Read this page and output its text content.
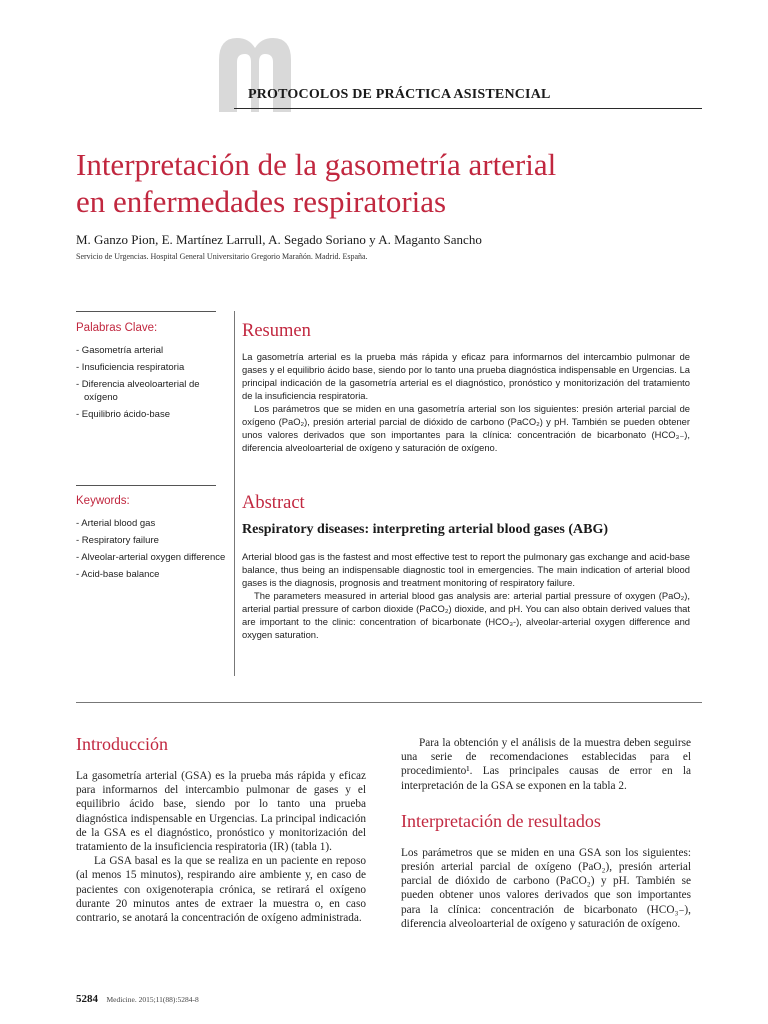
PROTOCOLOS DE PRÁCTICA ASISTENCIAL
Interpretación de la gasometría arterial
en enfermedades respiratorias
M. Ganzo Pion, E. Martínez Larrull, A. Segado Soriano y A. Maganto Sancho
Servicio de Urgencias. Hospital General Universitario Gregorio Marañón. Madrid. España.
Palabras Clave:
- Gasometría arterial
- Insuficiencia respiratoria
- Diferencia alveoloarterial de oxígeno
- Equilibrio ácido-base
Keywords:
- Arterial blood gas
- Respiratory failure
- Alveolar-arterial oxygen difference
- Acid-base balance
Resumen

La gasometría arterial es la prueba más rápida y eficaz para informarnos del intercambio pulmonar de gases y el equilibrio ácido base, siendo por lo tanto una prueba diagnóstica indispensable en Urgencias. La principal indicación de la gasometría arterial es el diagnóstico, pronóstico y monitorización del tratamiento de la insuficiencia respiratoria.

Los parámetros que se miden en una gasometría arterial son los siguientes: presión arterial parcial de oxígeno (PaO₂), presión arterial parcial de dióxido de carbono (PaCO₂) y pH. También se pueden obtener unos valores derivados que son importantes para la clínica: concentración de bicarbonato (HCO₃₋), diferencia alveoloarterial de oxígeno y saturación de oxígeno.

Abstract
Respiratory diseases: interpreting arterial blood gases (ABG)

Arterial blood gas is the fastest and most effective test to report the pulmonary gas exchange and acid-base balance, thus being an indispensable diagnostic tool in emergencies. The main indication of arterial blood gases is the diagnosis, prognosis and treatment monitoring of respiratory failure.

The parameters measured in arterial blood gas analysis are: arterial partial pressure of oxygen (PaO₂), arterial partial pressure of carbon dioxide (PaCO₂) dioxide, and pH. You can also obtain derived values that are important to the clinic: concentration of bicarbonate (HCO₃-), alveolar-arterial oxygen difference and oxygen saturation.

Introducción

La gasometría arterial (GSA) es la prueba más rápida y eficaz para informarnos del intercambio pulmonar de gases y el equilibrio ácido base, siendo por lo tanto una prueba diagnóstica indispensable en Urgencias. La principal indicación de la GSA es el diagnóstico, pronóstico y monitorización del tratamiento de la insuficiencia respiratoria (IR) (tabla 1).

La GSA basal es la que se realiza en un paciente en reposo (al menos 15 minutos), respirando aire ambiente y, en caso de pacientes con oxigenoterapia crónica, se retirará el oxígeno durante 20 minutos antes de extraer la muestra o, en caso contrario, se anotará la concentración de oxígeno administrada.

Para la obtención y el análisis de la muestra deben seguirse una serie de recomendaciones establecidas para el procedimiento¹. Las principales causas de error en la interpretación de la GSA se exponen en la tabla 2.

Interpretación de resultados

Los parámetros que se miden en una GSA son los siguientes: presión arterial parcial de oxígeno (PaO₂), presión arterial parcial de dióxido de carbono (PaCO₂) y pH. También se pueden obtener unos valores derivados que son importantes para la clínica: concentración de bicarbonato (HCO₃₋), diferencia alveoloarterial de oxígeno y saturación de oxígeno.

5284 Medicine. 2015;11(88):5284-8
